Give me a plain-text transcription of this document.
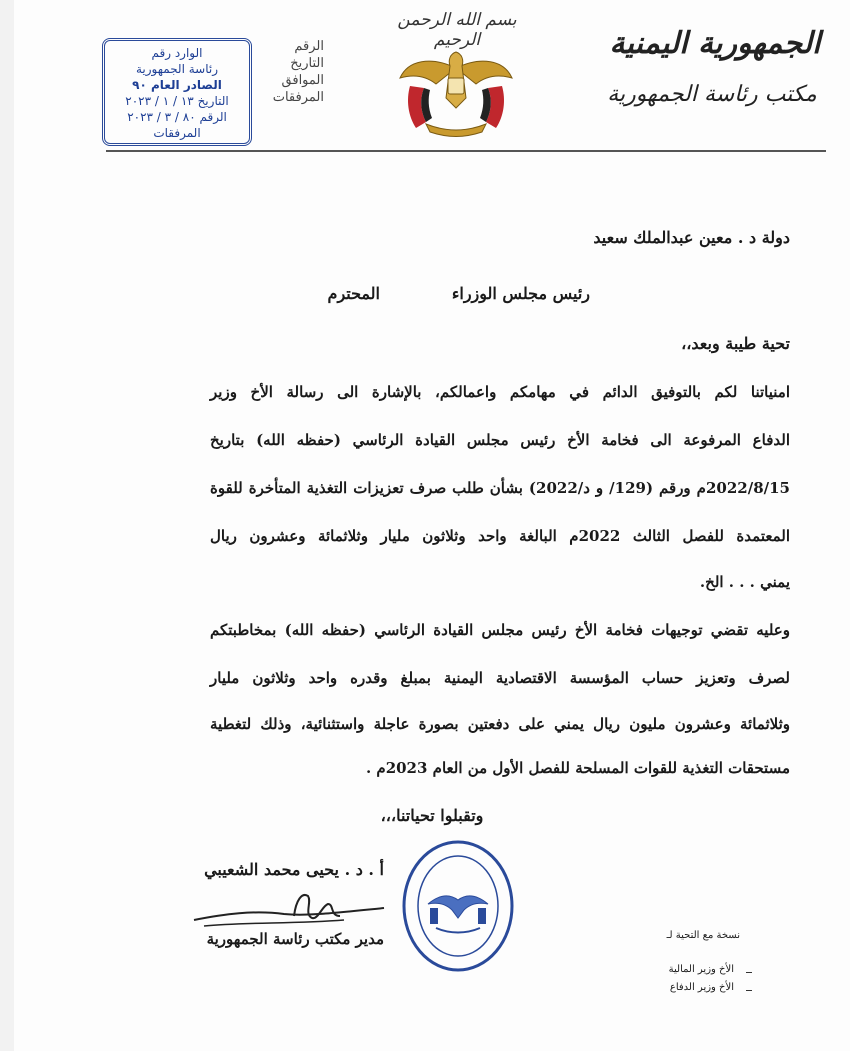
الجمهورية اليمنية
مكتب رئاسة الجمهورية
بسم الله الرحمن الرحيم
الرقم
التاريخ
الموافق
المرفقات
الوارد رقم
رئاسة الجمهورية
الصادر العام ٩٠
التاريخ ١٣ / ١ / ٢٠٢٣
الرقم ٨٠ / ٣ / ٢٠٢٣
المرفقات
دولة د . معين عبدالملك سعيد
رئيس مجلس الوزراء
المحترم
تحية طيبة وبعد،،
امنياتنا لكم بالتوفيق الدائم في مهامكم واعمالكم، بالإشارة الى رسالة الأخ وزير
الدفاع المرفوعة الى فخامة الأخ رئيس مجلس القيادة الرئاسي (حفظه الله) بتاريخ
2022/8/15م ورقم (129/ و د/2022) بشأن طلب صرف تعزيزات التغذية المتأخرة للقوة
المعتمدة للفصل الثالث 2022م البالغة واحد وثلاثون مليار وثلاثمائة وعشرون ريال
يمني . . . الخ.
وعليه تقضي توجيهات فخامة الأخ رئيس مجلس القيادة الرئاسي (حفظه الله) بمخاطبتكم
لصرف وتعزيز حساب المؤسسة الاقتصادية اليمنية بمبلغ وقدره واحد وثلاثون مليار
وثلاثمائة وعشرون مليون ريال يمني على دفعتين بصورة عاجلة واستثنائية، وذلك لتغطية
مستحقات التغذية للقوات المسلحة للفصل الأول من العام 2023م .
وتقبلوا تحياتنا،،،
أ . د . يحيى محمد الشعيبي
مدير مكتب رئاسة الجمهورية	نسخة مع التحية لـ
الأخ وزير المالية
الأخ وزير الدفاع
